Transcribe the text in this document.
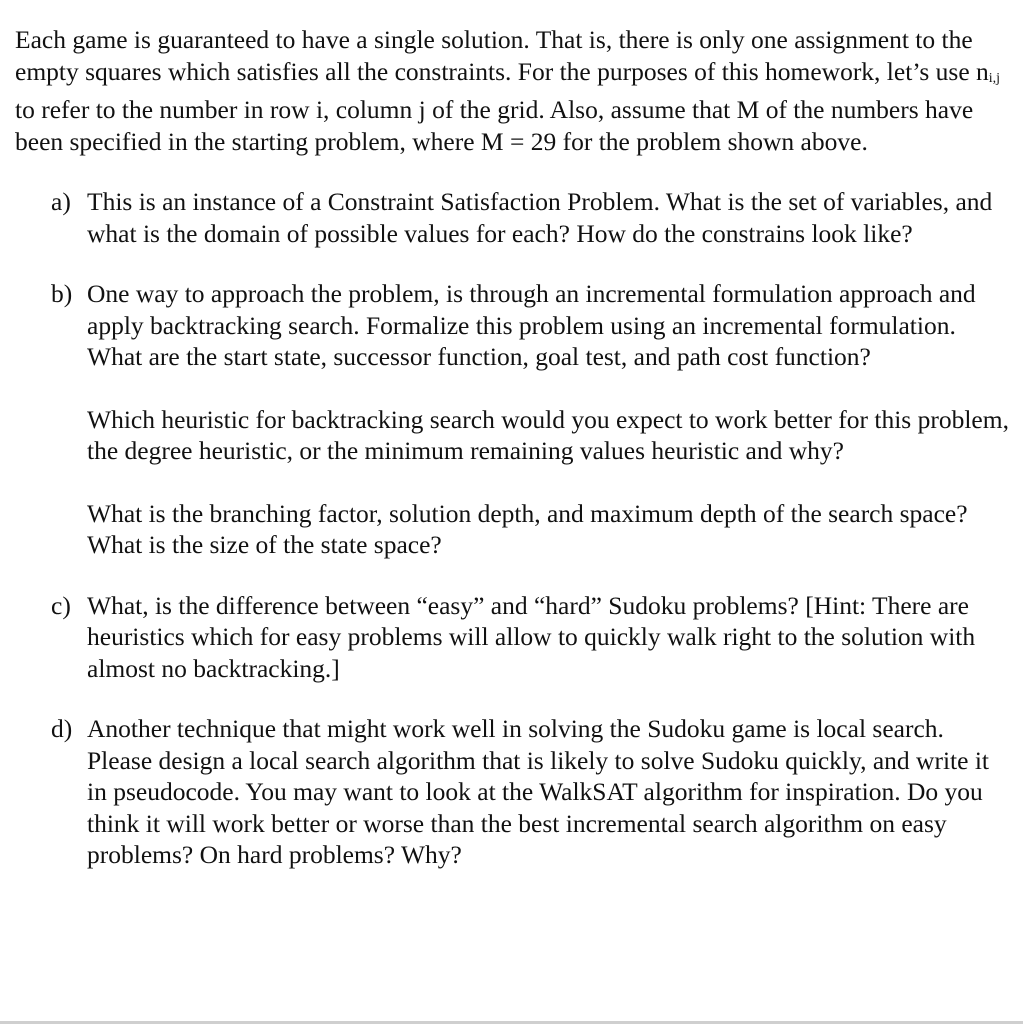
Each game is guaranteed to have a single solution. That is, there is only one assignment to the empty squares which satisfies all the constraints. For the purposes of this homework, let’s use ni,j to refer to the number in row i, column j of the grid. Also, assume that M of the numbers have been specified in the starting problem, where M = 29 for the problem shown above.

a) This is an instance of a Constraint Satisfaction Problem. What is the set of variables, and what is the domain of possible values for each? How do the constrains look like?

b) One way to approach the problem, is through an incremental formulation approach and apply backtracking search. Formalize this problem using an incremental formulation. What are the start state, successor function, goal test, and path cost function?

Which heuristic for backtracking search would you expect to work better for this problem, the degree heuristic, or the minimum remaining values heuristic and why?

What is the branching factor, solution depth, and maximum depth of the search space? What is the size of the state space?

c) What, is the difference between “easy” and “hard” Sudoku problems? [Hint: There are heuristics which for easy problems will allow to quickly walk right to the solution with almost no backtracking.]

d) Another technique that might work well in solving the Sudoku game is local search. Please design a local search algorithm that is likely to solve Sudoku quickly, and write it in pseudocode. You may want to look at the WalkSAT algorithm for inspiration. Do you think it will work better or worse than the best incremental search algorithm on easy problems? On hard problems? Why?
